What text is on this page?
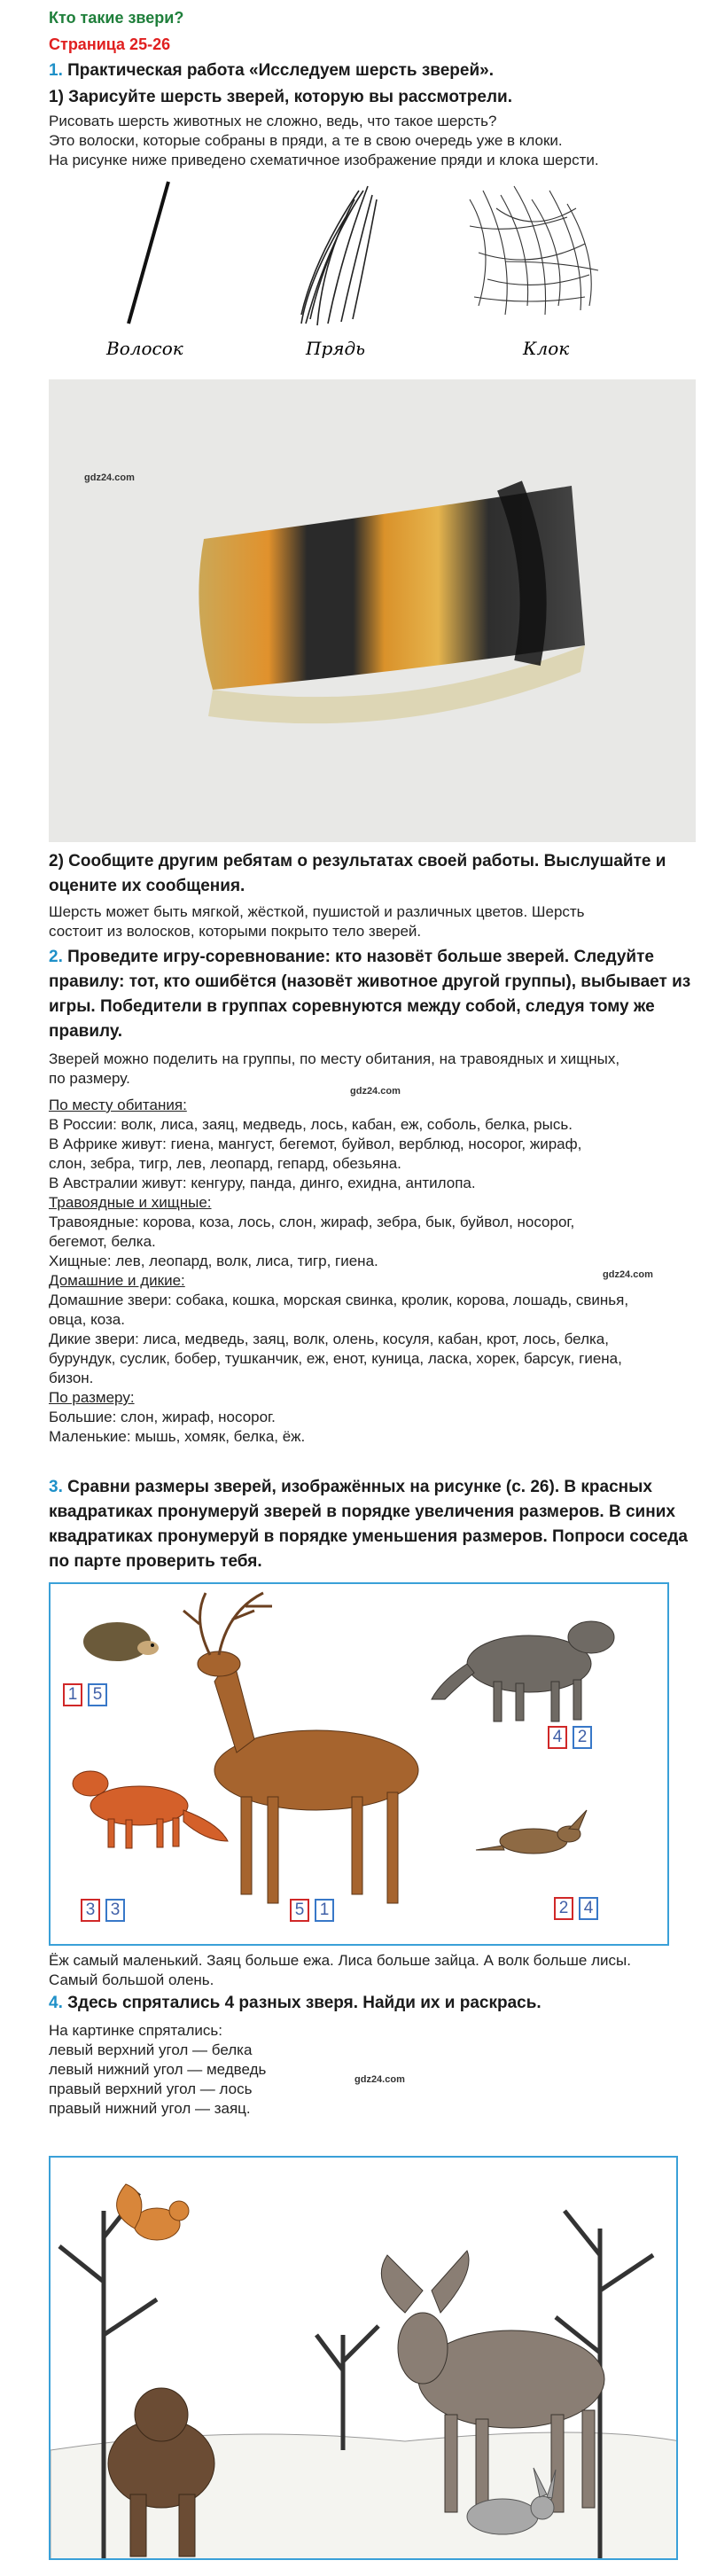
Кто такие звери?
Страница 25-26
1. Практическая работа «Исследуем шерсть зверей».
1) Зарисуйте шерсть зверей, которую вы рассмотрели.
Рисовать шерсть животных не сложно, ведь, что такое шерсть?
Это волоски, которые собраны в пряди, а те в свою очередь уже в клоки.
На рисунке ниже приведено схематичное изображение пряди и клока шерсти.
Волосок	Прядь	Клок
gdz24.com
2) Сообщите другим ребятам о результатах своей работы. Выслушайте и
оцените их сообщения.
Шерсть может быть мягкой, жёсткой, пушистой и различных цветов. Шерсть
состоит из волосков, которыми покрыто тело зверей.
2. Проведите игру-соревнование: кто назовёт больше зверей. Следуйте
правилу: тот, кто ошибётся (назовёт животное другой группы), выбывает из
игры. Победители в группах соревнуются между собой, следуя тому же
правилу.
Зверей можно поделить на группы, по месту обитания, на травоядных и хищных,
по размеру.
gdz24.com
По месту обитания:
В России: волк, лиса, заяц, медведь, лось, кабан, еж, соболь, белка, рысь.
В Африке живут: гиена, мангуст, бегемот, буйвол, верблюд, носорог, жираф,
слон, зебра, тигр, лев, леопард, гепард, обезьяна.
В Австралии живут: кенгуру, панда, динго, ехидна, антилопа.
Травоядные и хищные:
Травоядные: корова, коза, лось, слон, жираф, зебра, бык, буйвол, носорог,
бегемот, белка.
Хищные: лев, леопард, волк, лиса, тигр, гиена.
Домашние и дикие:
Домашние звери: собака, кошка, морская свинка, кролик, корова, лошадь, свинья,
овца, коза.
Дикие звери: лиса, медведь, заяц, волк, олень, косуля, кабан, крот, лось, белка,
бурундук, суслик, бобер, тушканчик, еж, енот, куница, ласка, хорек, барсук, гиена,
бизон.
По размеру:
Большие: слон, жираф, носорог.
Маленькие: мышь, хомяк, белка, ёж.
gdz24.com
3. Сравни размеры зверей, изображённых на рисунке (с. 26). В красных
квадратиках пронумеруй зверей в порядке увеличения размеров. В синих
квадратиках пронумеруй в порядке уменьшения размеров. Попроси соседа
по парте проверить тебя.
1 5
4 2
3 3	5 1	2 4
Ёж самый маленький. Заяц больше ежа. Лиса больше зайца. А волк больше лисы.
Самый большой олень.
4. Здесь спрятались 4 разных зверя. Найди их и раскрась.
На картинке спрятались:
левый верхний угол — белка
левый нижний угол — медведь
правый верхний угол — лось
правый нижний угол — заяц.
gdz24.com
